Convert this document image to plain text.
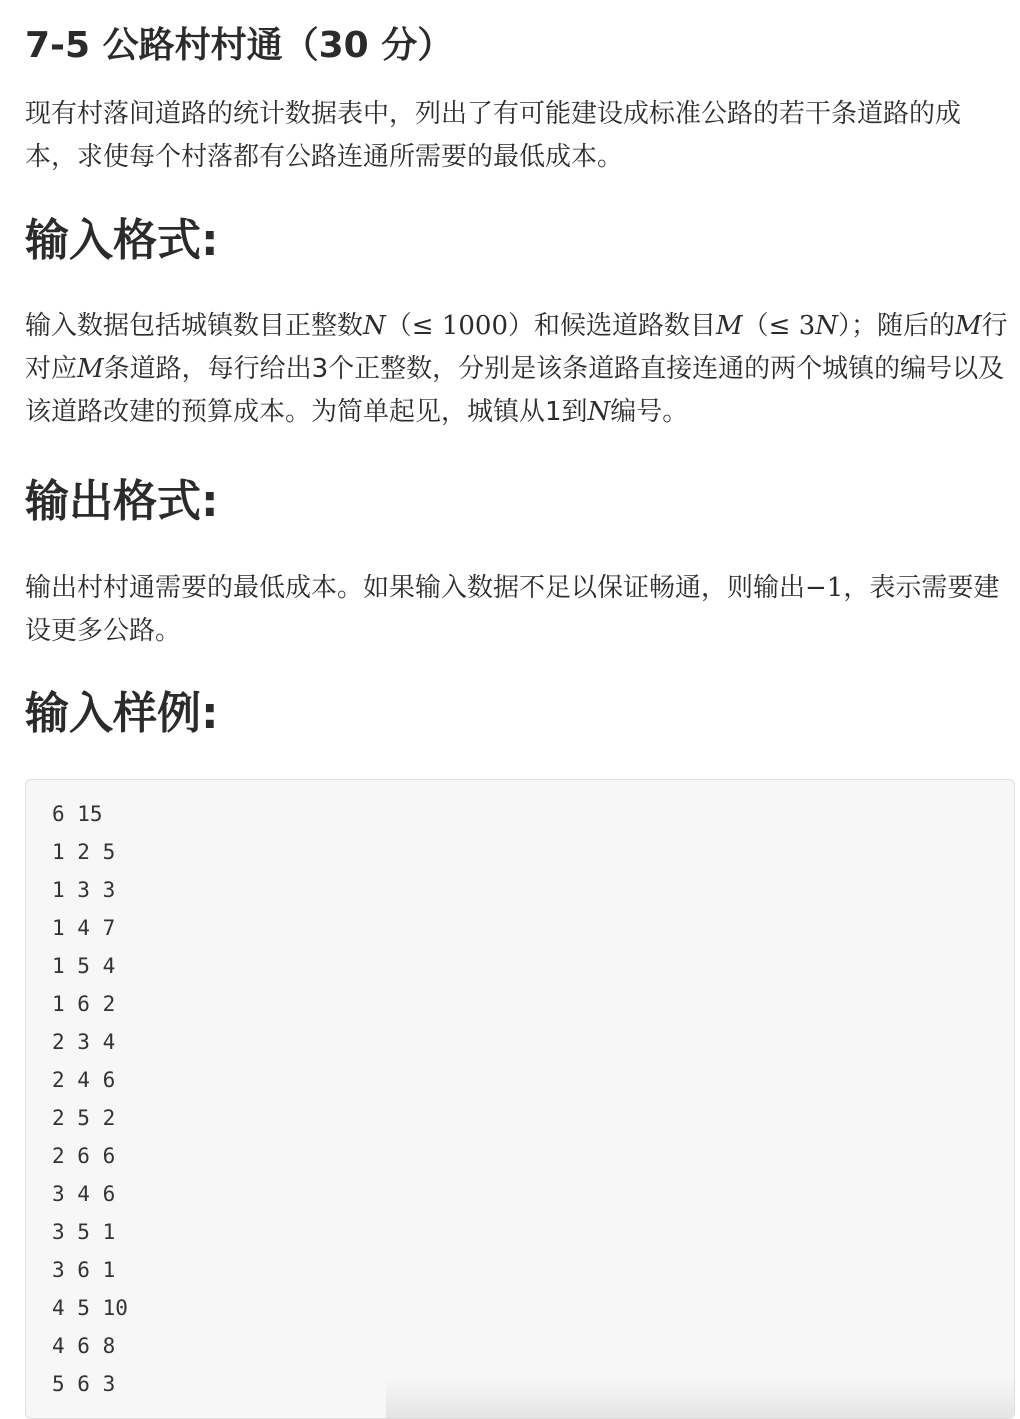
7-5 公路村村通（30 分）

现有村落间道路的统计数据表中，列出了有可能建设成标准公路的若干条道路的成本，求使每个村落都有公路连通所需要的最低成本。

输入格式:

输入数据包括城镇数目正整数N（≤ 1000）和候选道路数目M（≤ 3N）；随后的M行对应M条道路，每行给出3个正整数，分别是该条道路直接连通的两个城镇的编号以及该道路改建的预算成本。为简单起见，城镇从1到N编号。

输出格式:

输出村村通需要的最低成本。如果输入数据不足以保证畅通，则输出−1，表示需要建设更多公路。

输入样例:
6 15
1 2 5
1 3 3
1 4 7
1 5 4
1 6 2
2 3 4
2 4 6
2 5 2
2 6 6
3 4 6
3 5 1
3 6 1
4 5 10
4 6 8
5 6 3
